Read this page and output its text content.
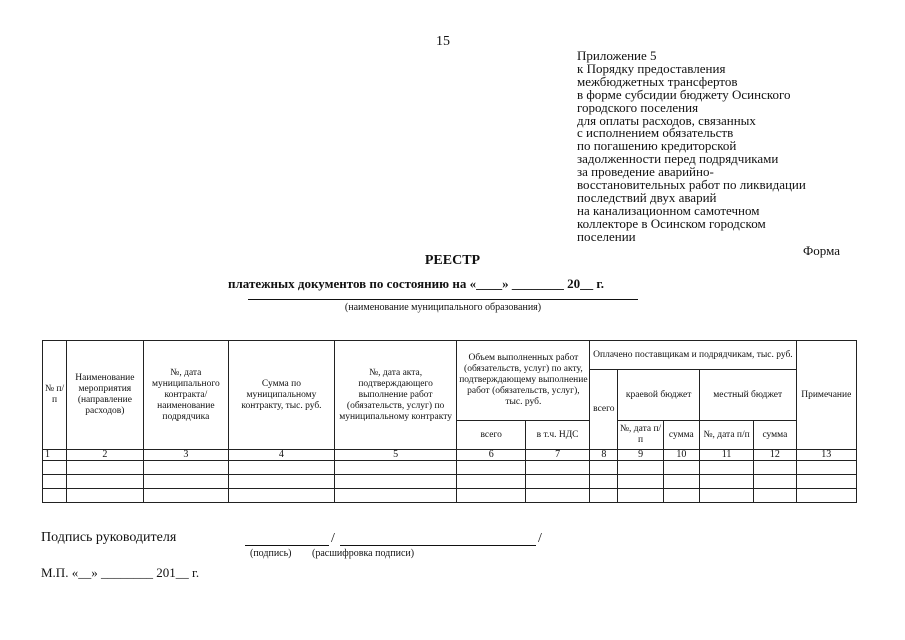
15
Приложение 5
к Порядку предоставления
межбюджетных трансфертов
в форме субсидии бюджету Осинского
городского поселения
для оплаты расходов, связанных
с исполнением обязательств
по погашению кредиторской
задолженности перед подрядчиками
за проведение аварийно-
восстановительных работ по ликвидации
последствий двух аварий
на канализационном самотечном
коллекторе в Осинском городском
поселении
Форма
РЕЕСТР
платежных документов по состоянию на «____» ________ 20__ г.
(наименование муниципального образования)
№ п/п	Наименование мероприятия (направление расходов)	№, дата муниципального контракта/ наименование подрядчика	Сумма по муниципальному контракту, тыс. руб.	№, дата акта, подтверждающего выполнение работ (обязательств, услуг) по муниципальному контракту	Объем выполненных работ (обязательств, услуг) по акту, подтверждающему выполнение работ (обязательств, услуг), тыс. руб.		Оплачено поставщикам и подрядчикам, тыс. руб.					Примечание
							всего	краевой бюджет		местный бюджет		
					всего	в т.ч. НДС		№, дата п/п	сумма	№, дата п/п	сумма	
1	2	3	4	5	6	7	8	9	10	11	12	13

Подпись руководителя	/	/
(подпись) (расшифровка подписи)
М.П. «__» ________ 201__ г.
